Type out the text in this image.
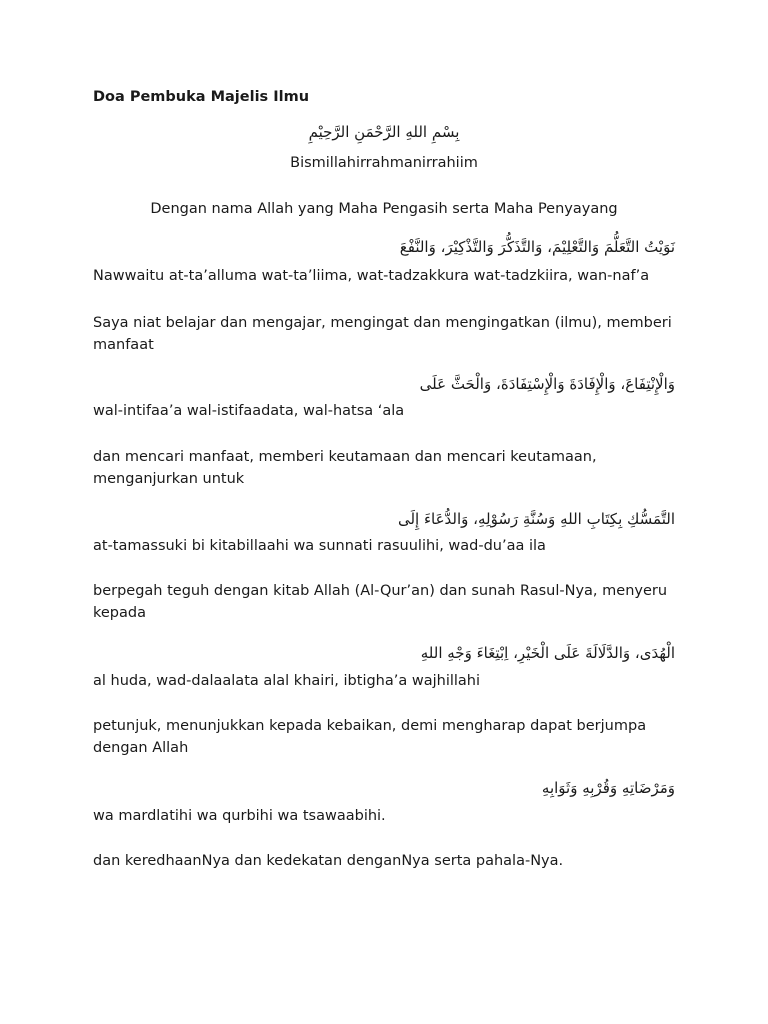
Doa Pembuka Majelis Ilmu
بِسْمِ اللهِ الرَّحْمَنِ الرَّحِيْمِ
Bismillahirrahmanirrahiim
Dengan nama Allah yang Maha Pengasih serta Maha Penyayang
نَوَيْتُ التَّعَلُّمَ وَالتَّعْلِيْمَ، وَالتَّذَكُّرَ وَالتَّذْكِيْرَ، وَالنَّفْعَ
Nawwaitu at-ta’alluma wat-ta’liima, wat-tadzakkura wat-tadzkiira, wan-naf’a
Saya niat belajar dan mengajar, mengingat dan mengingatkan (ilmu), memberi manfaat
وَالْإِنْتِفَاعَ، وَالْإِفَادَةَ وَالْإِسْتِفَادَةَ، وَالْحَثَّ عَلَى
wal-intifaa’a wal-istifaadata, wal-hatsa ‘ala
dan mencari manfaat, memberi keutamaan dan mencari keutamaan, menganjurkan untuk
التَّمَسُّكِ بِكِتَابِ اللهِ وَسُنَّةِ رَسُوْلِهِ، وَالدُّعَاءَ إِلَى
at-tamassuki bi kitabillaahi wa sunnati rasuulihi, wad-du’aa ila
berpegah teguh dengan kitab Allah (Al-Qur’an) dan sunah Rasul-Nya, menyeru kepada
الْهُدَى، وَالدَّلَالَةَ عَلَى الْخَيْرِ، اِبْتِغَاءَ وَجْهِ اللهِ
al huda, wad-dalaalata alal khairi, ibtigha’a wajhillahi
petunjuk, menunjukkan kepada kebaikan, demi mengharap dapat berjumpa dengan Allah
وَمَرْضَاتِهِ وَقُرْبِهِ وَثَوَابِهِ
wa mardlatihi wa qurbihi wa tsawaabihi.
dan keredhaanNya dan kedekatan denganNya serta pahala-Nya.
